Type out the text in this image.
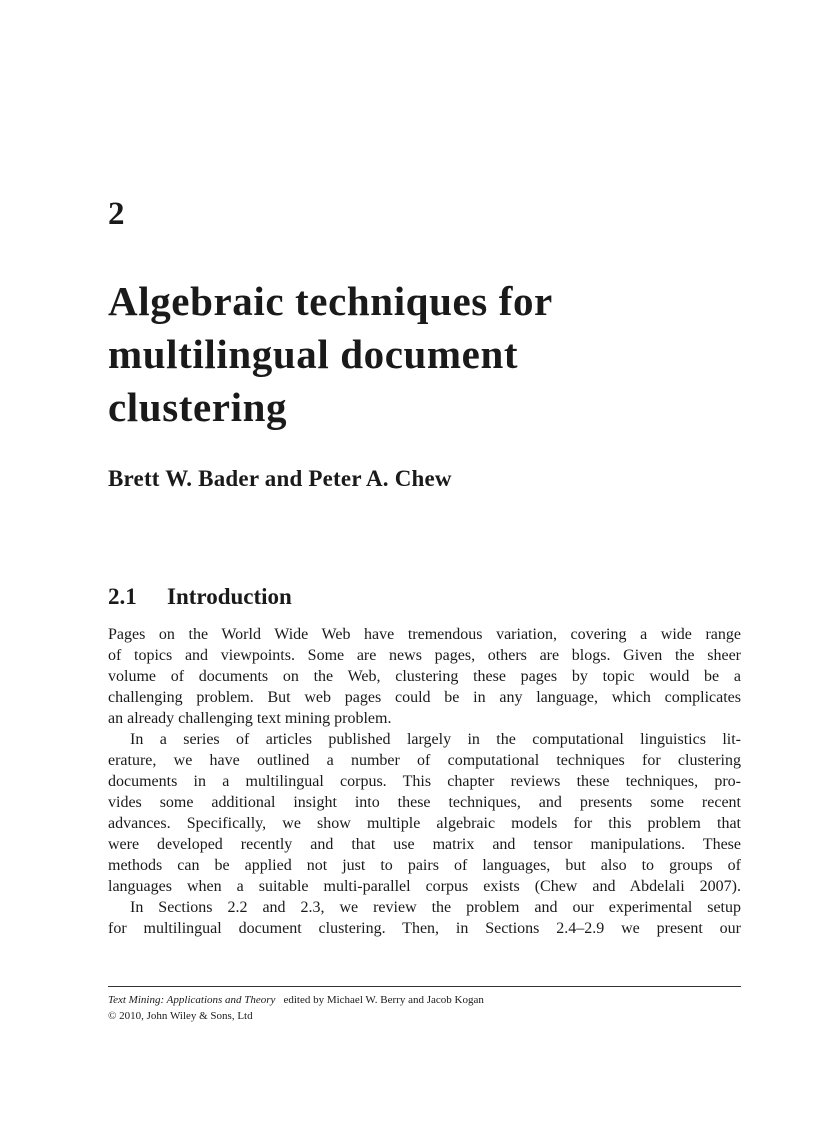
2
Algebraic techniques for
multilingual document
clustering
Brett W. Bader and Peter A. Chew
2.1 Introduction
Pages on the World Wide Web have tremendous variation, covering a wide range
of topics and viewpoints. Some are news pages, others are blogs. Given the sheer
volume of documents on the Web, clustering these pages by topic would be a
challenging problem. But web pages could be in any language, which complicates
an already challenging text mining problem.
In a series of articles published largely in the computational linguistics lit-
erature, we have outlined a number of computational techniques for clustering
documents in a multilingual corpus. This chapter reviews these techniques, pro-
vides some additional insight into these techniques, and presents some recent
advances. Specifically, we show multiple algebraic models for this problem that
were developed recently and that use matrix and tensor manipulations. These
methods can be applied not just to pairs of languages, but also to groups of
languages when a suitable multi-parallel corpus exists (Chew and Abdelali 2007).
In Sections 2.2 and 2.3, we review the problem and our experimental setup
for multilingual document clustering. Then, in Sections 2.4–2.9 we present our
Text Mining: Applications and Theory edited by Michael W. Berry and Jacob Kogan
© 2010, John Wiley & Sons, Ltd
